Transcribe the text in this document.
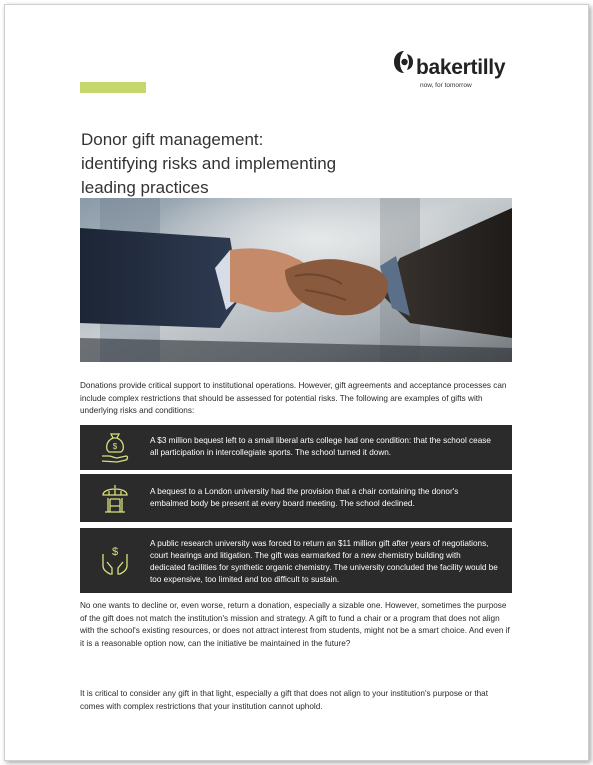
bakertilly
now, for tomorrow
Donor gift management:
identifying risks and implementing
leading practices

Donations provide critical support to institutional operations. However, gift agreements and acceptance processes can include complex restrictions that should be assessed for potential risks. The following are examples of gifts with underlying risks and conditions:

$

A $3 million bequest left to a small liberal arts college had one condition: that the school cease all participation in intercollegiate sports. The school turned it down.

A bequest to a London university had the provision that a chair containing the donor's embalmed body be present at every board meeting. The school declined.

$

A public research university was forced to return an $11 million gift after years of negotiations, court hearings and litigation. The gift was earmarked for a new chemistry building with dedicated facilities for synthetic organic chemistry. The university concluded the facility would be too expensive, too limited and too difficult to sustain.

No one wants to decline or, even worse, return a donation, especially a sizable one. However, sometimes the purpose of the gift does not match the institution's mission and strategy. A gift to fund a chair or a program that does not align with the school's existing resources, or does not attract interest from students, might not be a smart choice. And even if it is a reasonable option now, can the initiative be maintained in the future?

It is critical to consider any gift in that light, especially a gift that does not align to your institution's purpose or that comes with complex restrictions that your institution cannot uphold.
